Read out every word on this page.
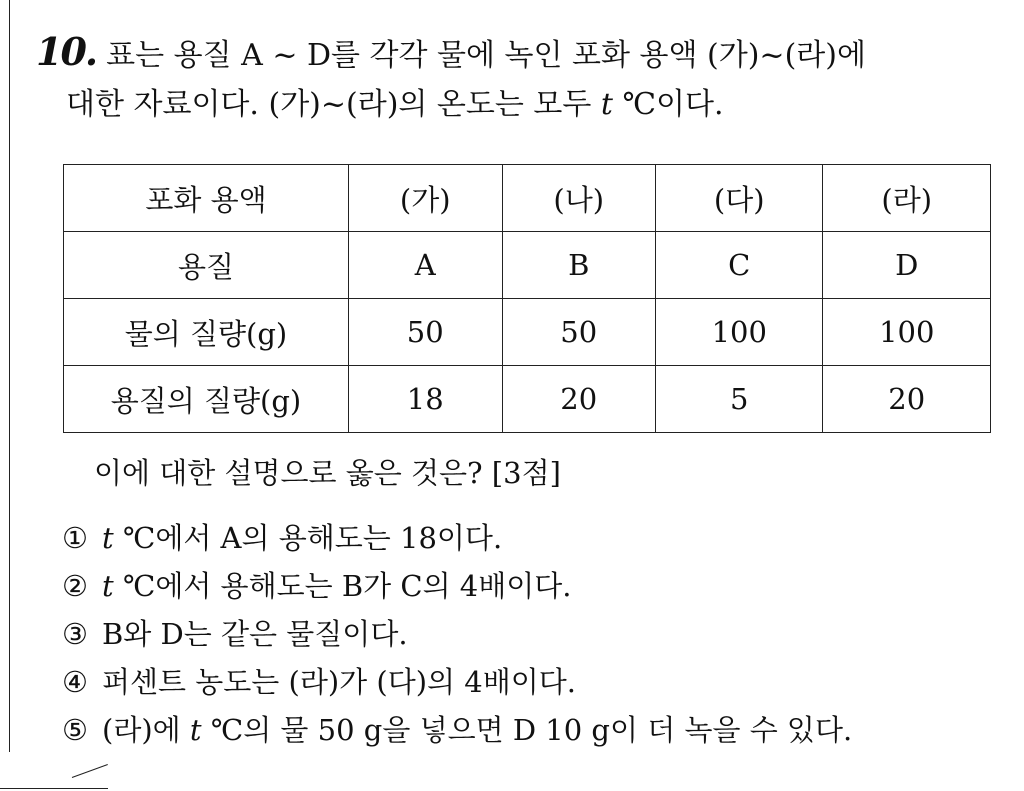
10. 표는 용질 A ~ D를 각각 물에 녹인 포화 용액 (가)~(라)에
대한 자료이다. (가)~(라)의 온도는 모두 t ℃이다.
포화 용액	(가)	(나)	(다)	(라)
용질	A	B	C	D
물의 질량(g)	50	50	100	100
용질의 질량(g)	18	20	5	20
이에 대한 설명으로 옳은 것은? [3점]
① t ℃에서 A의 용해도는 18이다.
② t ℃에서 용해도는 B가 C의 4배이다.
③ B와 D는 같은 물질이다.
④ 퍼센트 농도는 (라)가 (다)의 4배이다.
⑤ (라)에 t ℃의 물 50 g을 넣으면 D 10 g이 더 녹을 수 있다.
